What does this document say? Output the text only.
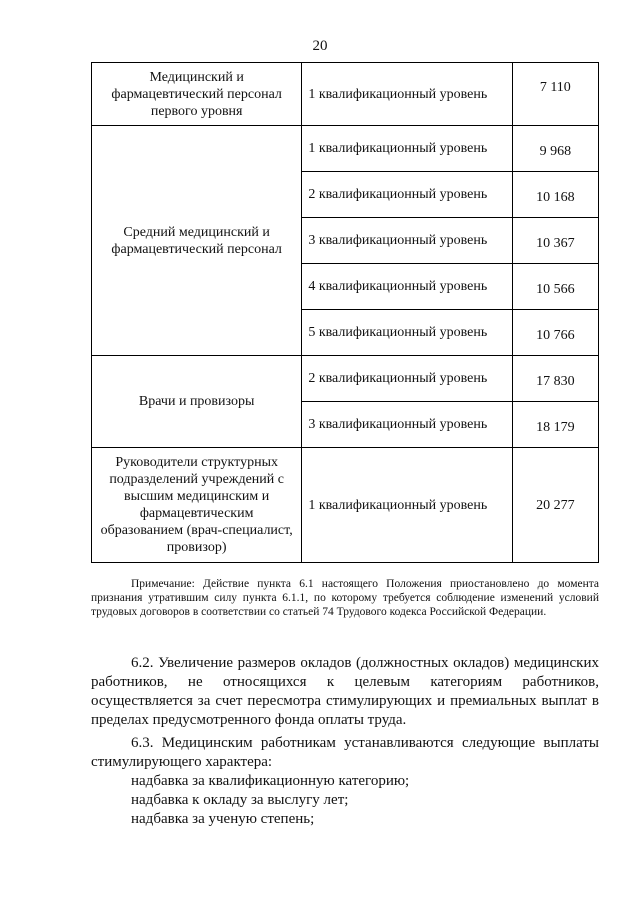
20
Медицинский и фармацевтический персонал первого уровня	1 квалификационный уровень	7 110
Средний медицинский и фармацевтический персонал	1 квалификационный уровень	9 968
	2 квалификационный уровень	10 168
	3 квалификационный уровень	10 367
	4 квалификационный уровень	10 566
	5 квалификационный уровень	10 766
Врачи и провизоры	2 квалификационный уровень	17 830
	3 квалификационный уровень	18 179
Руководители структурных подразделений учреждений с высшим медицинским и фармацевтическим образованием (врач-специалист, провизор)	1 квалификационный уровень	20 277

Примечание: Действие пункта 6.1 настоящего Положения приостановлено до момента признания утратившим силу пункта 6.1.1, по которому требуется соблюдение изменений условий трудовых договоров в соответствии со статьей 74 Трудового кодекса Российской Федерации.

6.2. Увеличение размеров окладов (должностных окладов) медицинских работников, не относящихся к целевым категориям работников, осуществляется за счет пересмотра стимулирующих и премиальных выплат в пределах предусмотренного фонда оплаты труда.

6.3. Медицинским работникам устанавливаются следующие выплаты стимулирующего характера:

надбавка за квалификационную категорию;

надбавка к окладу за выслугу лет;

надбавка за ученую степень;
